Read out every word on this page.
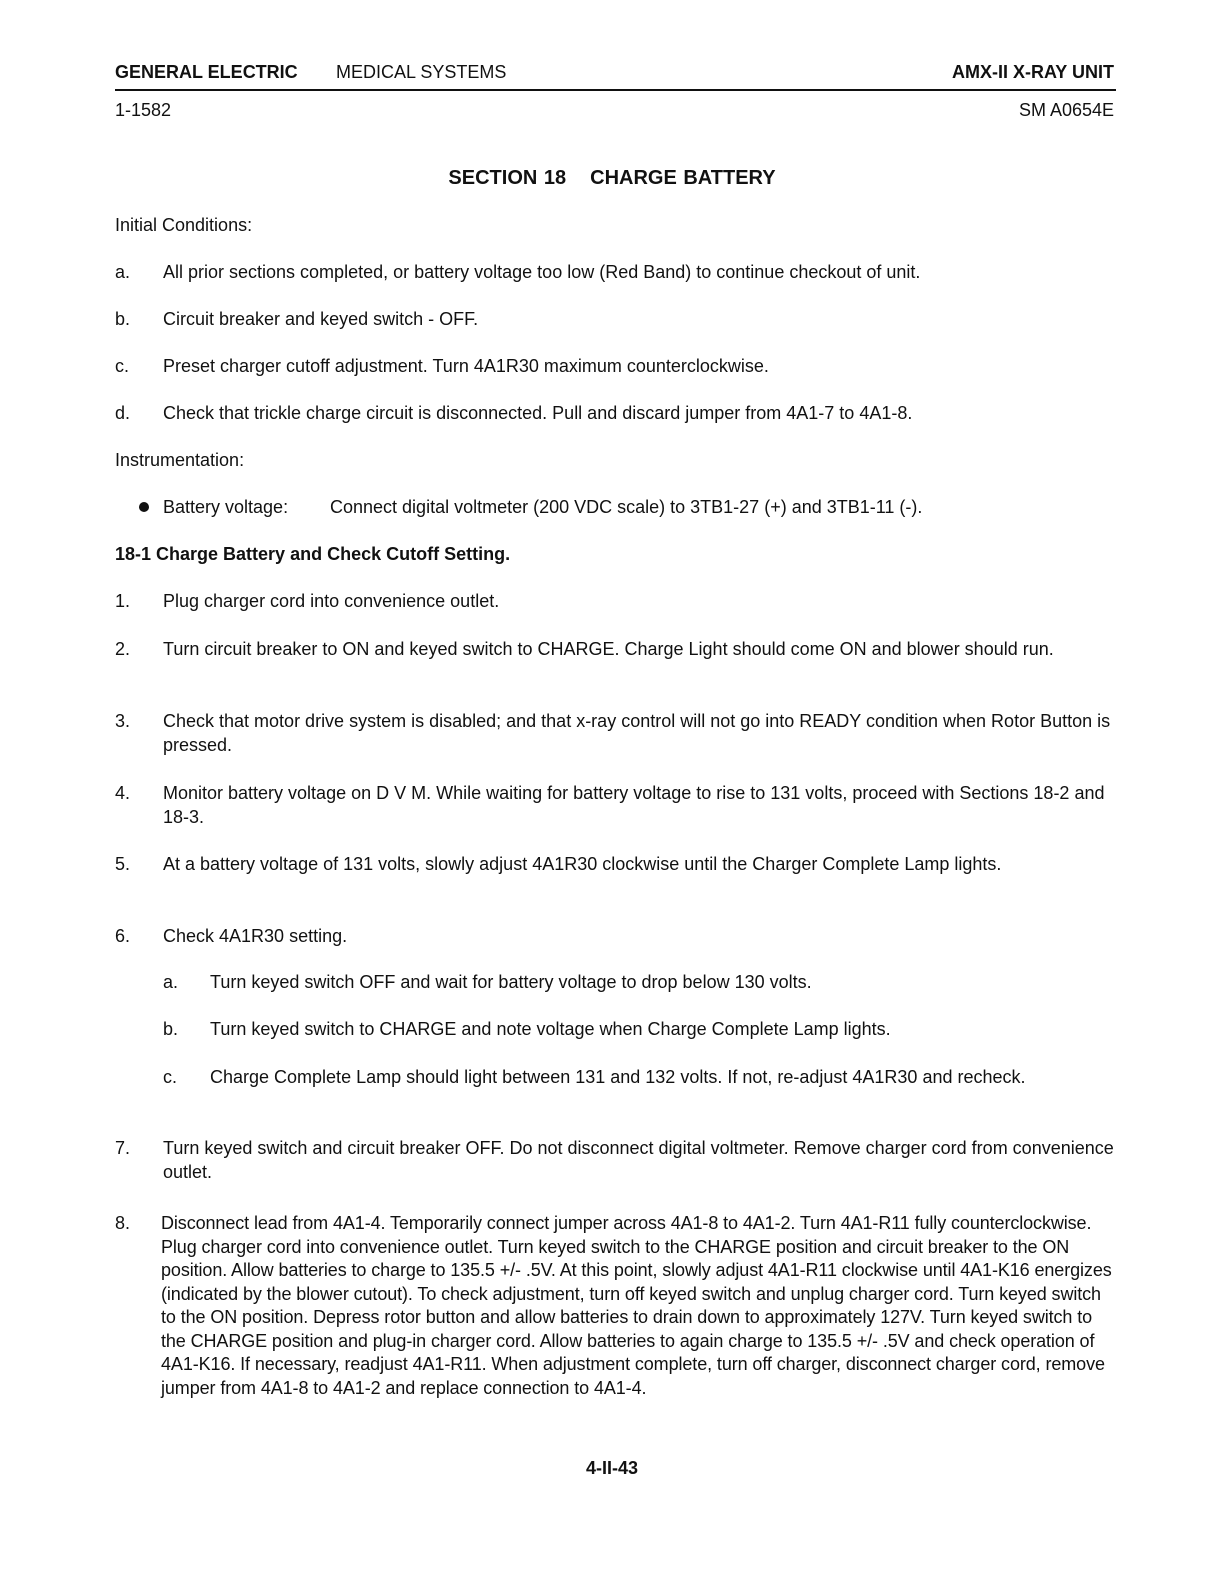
GENERAL ELECTRIC MEDICAL SYSTEMS	AMX-II X-RAY UNIT
1-1582	SM A0654E
SECTION 18 CHARGE BATTERY
Initial Conditions:
a. All prior sections completed, or battery voltage too low (Red Band) to continue checkout of unit.
b. Circuit breaker and keyed switch - OFF.
c. Preset charger cutoff adjustment. Turn 4A1R30 maximum counterclockwise.
d. Check that trickle charge circuit is disconnected. Pull and discard jumper from 4A1-7 to 4A1-8.
Instrumentation:
Battery voltage: Connect digital voltmeter (200 VDC scale) to 3TB1-27 (+) and 3TB1-11 (-).
18-1 Charge Battery and Check Cutoff Setting.
1. Plug charger cord into convenience outlet.
2. Turn circuit breaker to ON and keyed switch to CHARGE. Charge Light should come ON and blower should run.
3. Check that motor drive system is disabled; and that x-ray control will not go into READY condition when Rotor Button is pressed.
4. Monitor battery voltage on D V M. While waiting for battery voltage to rise to 131 volts, proceed with Sections 18-2 and 18-3.
5. At a battery voltage of 131 volts, slowly adjust 4A1R30 clockwise until the Charger Complete Lamp lights.
6. Check 4A1R30 setting.
a. Turn keyed switch OFF and wait for battery voltage to drop below 130 volts.
b. Turn keyed switch to CHARGE and note voltage when Charge Complete Lamp lights.
c. Charge Complete Lamp should light between 131 and 132 volts. If not, re-adjust 4A1R30 and recheck.
7. Turn keyed switch and circuit breaker OFF. Do not disconnect digital voltmeter. Remove charger cord from convenience outlet.
8. Disconnect lead from 4A1-4. Temporarily connect jumper across 4A1-8 to 4A1-2. Turn 4A1-R11 fully counterclockwise. Plug charger cord into convenience outlet. Turn keyed switch to the CHARGE position and circuit breaker to the ON position. Allow batteries to charge to 135.5 +/- .5V. At this point, slowly adjust 4A1-R11 clockwise until 4A1-K16 energizes (indicated by the blower cutout). To check adjustment, turn off keyed switch and unplug charger cord. Turn keyed switch to the ON position. Depress rotor button and allow batteries to drain down to approximately 127V. Turn keyed switch to the CHARGE position and plug-in charger cord. Allow batteries to again charge to 135.5 +/- .5V and check operation of 4A1-K16. If necessary, readjust 4A1-R11. When adjustment complete, turn off charger, disconnect charger cord, remove jumper from 4A1-8 to 4A1-2 and replace connection to 4A1-4.
4-II-43
